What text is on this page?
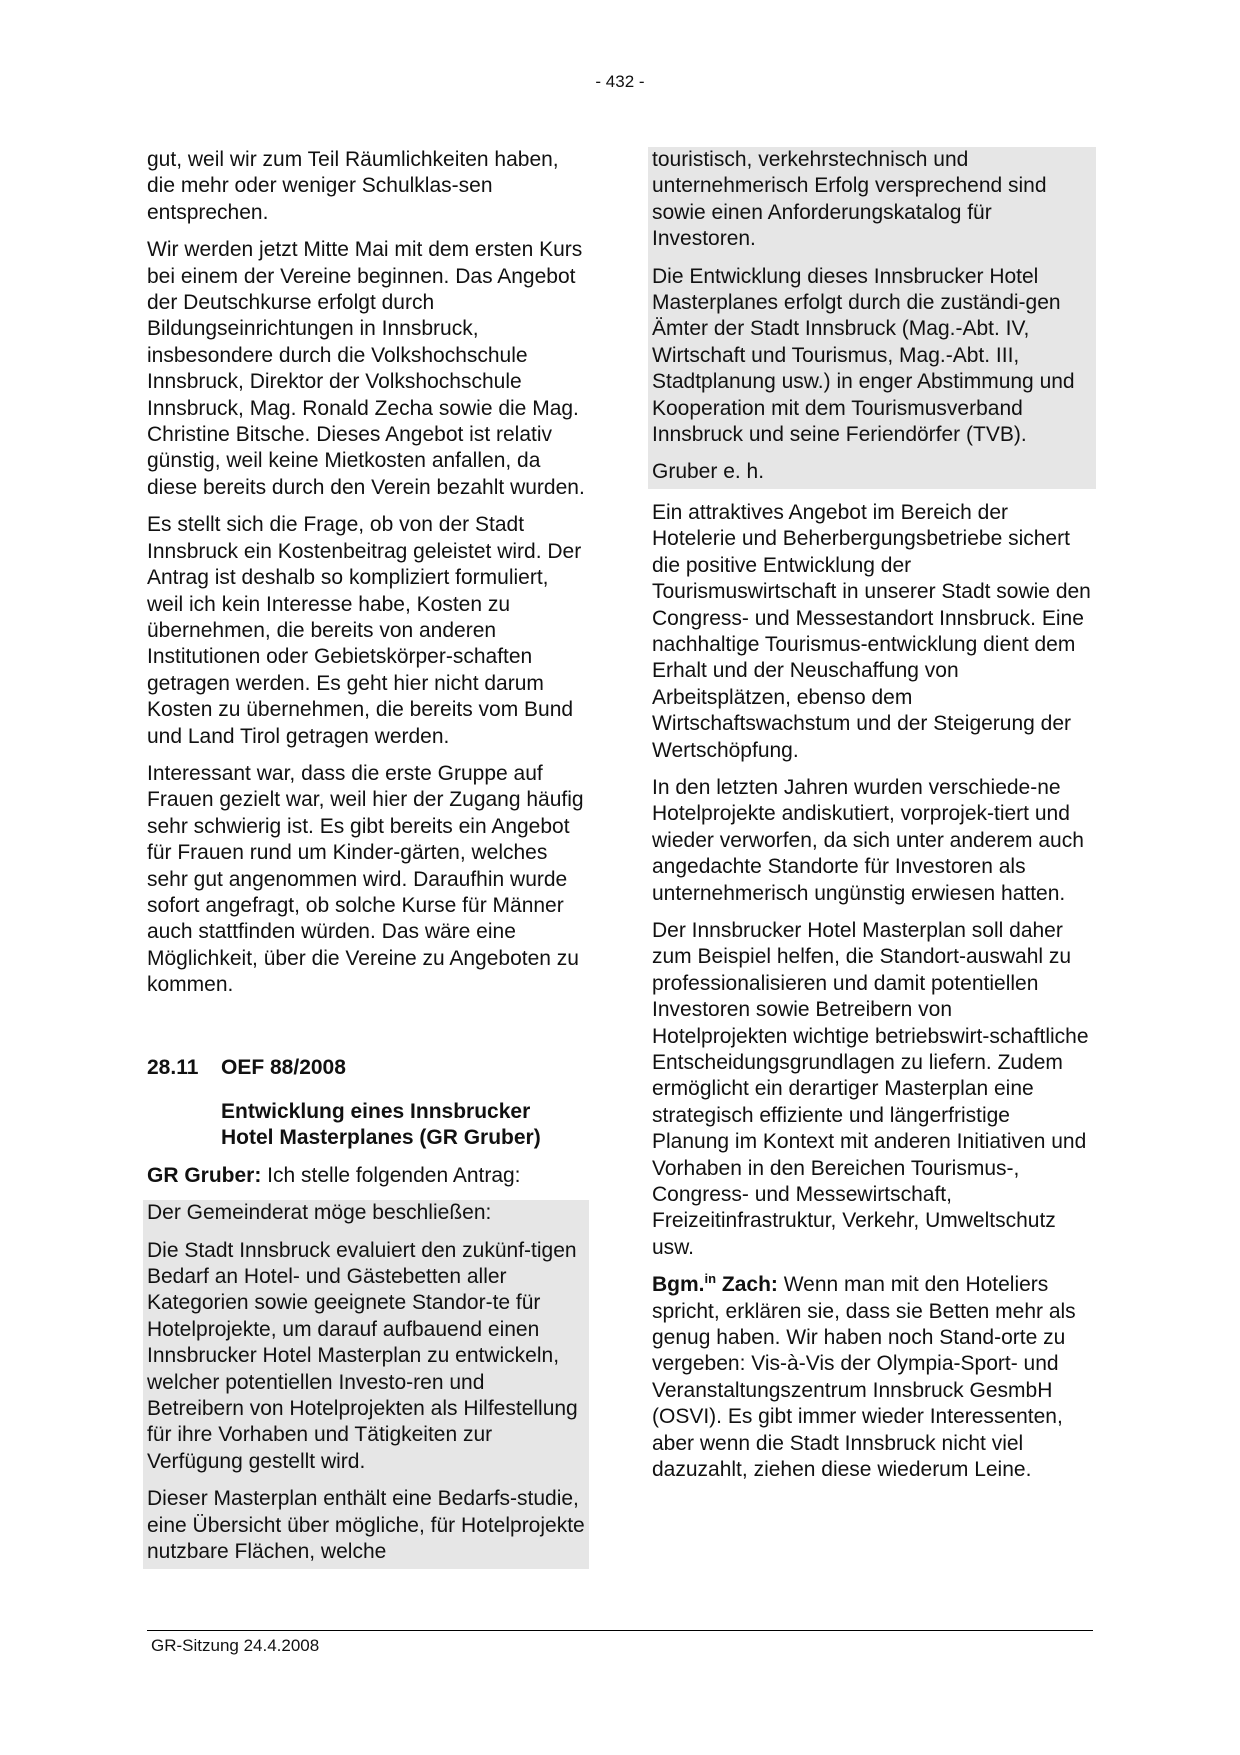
- 432 -

gut, weil wir zum Teil Räumlichkeiten haben, die mehr oder weniger Schulklas-sen entsprechen.

Wir werden jetzt Mitte Mai mit dem ersten Kurs bei einem der Vereine beginnen. Das Angebot der Deutschkurse erfolgt durch Bildungseinrichtungen in Innsbruck, insbesondere durch die Volkshochschule Innsbruck, Direktor der Volkshochschule Innsbruck, Mag. Ronald Zecha sowie die Mag. Christine Bitsche. Dieses Angebot ist relativ günstig, weil keine Mietkosten anfallen, da diese bereits durch den Verein bezahlt wurden.

Es stellt sich die Frage, ob von der Stadt Innsbruck ein Kostenbeitrag geleistet wird. Der Antrag ist deshalb so kompliziert formuliert, weil ich kein Interesse habe, Kosten zu übernehmen, die bereits von anderen Institutionen oder Gebietskörper-schaften getragen werden. Es geht hier nicht darum Kosten zu übernehmen, die bereits vom Bund und Land Tirol getragen werden.

Interessant war, dass die erste Gruppe auf Frauen gezielt war, weil hier der Zugang häufig sehr schwierig ist. Es gibt bereits ein Angebot für Frauen rund um Kinder-gärten, welches sehr gut angenommen wird. Daraufhin wurde sofort angefragt, ob solche Kurse für Männer auch stattfinden würden. Das wäre eine Möglichkeit, über die Vereine zu Angeboten zu kommen.

28.11	OEF 88/2008
Entwicklung eines Innsbrucker Hotel Masterplanes (GR Gruber)

GR Gruber: Ich stelle folgenden Antrag:

Der Gemeinderat möge beschließen:

Die Stadt Innsbruck evaluiert den zukünf-tigen Bedarf an Hotel- und Gästebetten aller Kategorien sowie geeignete Standor-te für Hotelprojekte, um darauf aufbauend einen Innsbrucker Hotel Masterplan zu entwickeln, welcher potentiellen Investo-ren und Betreibern von Hotelprojekten als Hilfestellung für ihre Vorhaben und Tätigkeiten zur Verfügung gestellt wird.

Dieser Masterplan enthält eine Bedarfs-studie, eine Übersicht über mögliche, für Hotelprojekte nutzbare Flächen, welche

touristisch, verkehrstechnisch und unternehmerisch Erfolg versprechend sind sowie einen Anforderungskatalog für Investoren.

Die Entwicklung dieses Innsbrucker Hotel Masterplanes erfolgt durch die zuständi-gen Ämter der Stadt Innsbruck (Mag.-Abt. IV, Wirtschaft und Tourismus, Mag.-Abt. III, Stadtplanung usw.) in enger Abstimmung und Kooperation mit dem Tourismusverband Innsbruck und seine Feriendörfer (TVB).

Gruber e. h.

Ein attraktives Angebot im Bereich der Hotelerie und Beherbergungsbetriebe sichert die positive Entwicklung der Tourismuswirtschaft in unserer Stadt sowie den Congress- und Messestandort Innsbruck. Eine nachhaltige Tourismus-entwicklung dient dem Erhalt und der Neuschaffung von Arbeitsplätzen, ebenso dem Wirtschaftswachstum und der Steigerung der Wertschöpfung.

In den letzten Jahren wurden verschiede-ne Hotelprojekte andiskutiert, vorprojek-tiert und wieder verworfen, da sich unter anderem auch angedachte Standorte für Investoren als unternehmerisch ungünstig erwiesen hatten.

Der Innsbrucker Hotel Masterplan soll daher zum Beispiel helfen, die Standort-auswahl zu professionalisieren und damit potentiellen Investoren sowie Betreibern von Hotelprojekten wichtige betriebswirt-schaftliche Entscheidungsgrundlagen zu liefern. Zudem ermöglicht ein derartiger Masterplan eine strategisch effiziente und längerfristige Planung im Kontext mit anderen Initiativen und Vorhaben in den Bereichen Tourismus-, Congress- und Messewirtschaft, Freizeitinfrastruktur, Verkehr, Umweltschutz usw.

Bgm.$^{in}$ Zach: Wenn man mit den Hoteliers spricht, erklären sie, dass sie Betten mehr als genug haben. Wir haben noch Stand-orte zu vergeben: Vis-à-Vis der Olympia-Sport- und Veranstaltungszentrum Innsbruck GesmbH (OSVI). Es gibt immer wieder Interessenten, aber wenn die Stadt Innsbruck nicht viel dazuzahlt, ziehen diese wiederum Leine.

GR-Sitzung 24.4.2008
